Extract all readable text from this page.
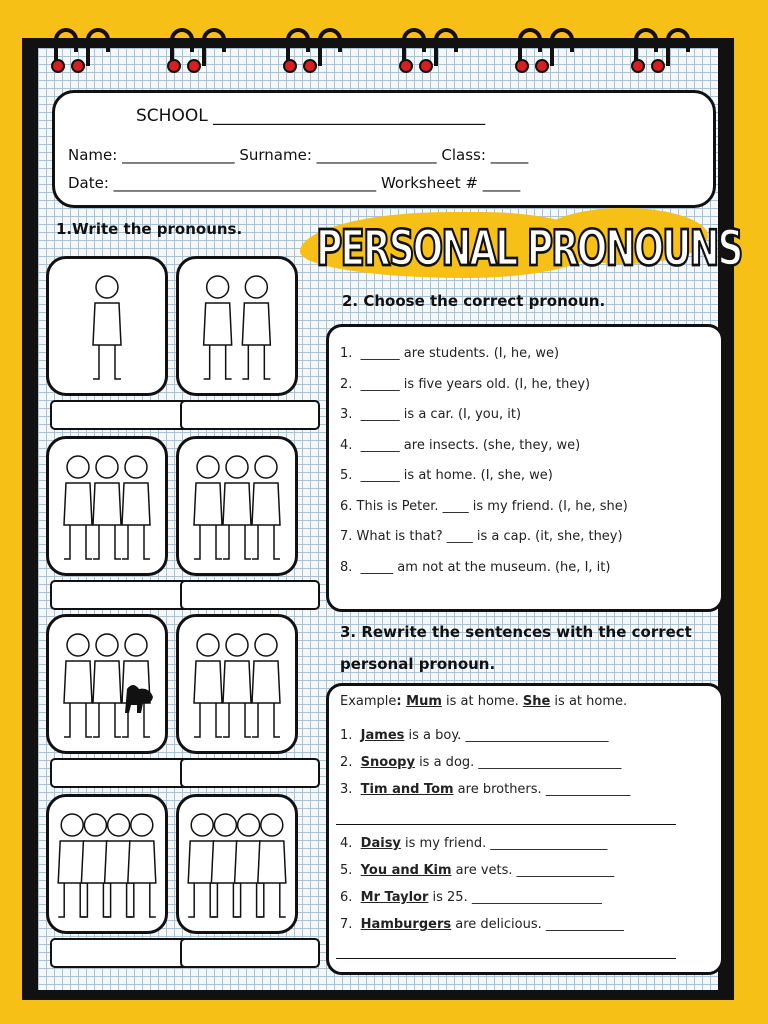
SCHOOL ________________________________
Name: _______________ Surname: ________________ Class: _____
Date: ___________________________________ Worksheet # _____
PERSONAL PRONOUNS
1.Write the pronouns.
2. Choose the correct pronoun.
1.  ______ are students. (I, he, we)
2.  ______ is five years old. (I, he, they)
3.  ______ is a car. (I, you, it)
4.  ______ are insects. (she, they, we)
5.  ______ is at home. (I, she, we)
6. This is Peter. ____ is my friend. (I, he, she)
7. What is that? ____ is a cap. (it, she, they)
8.  _____ am not at the museum. (he, I, it)
3. Rewrite the sentences with the correct personal pronoun.
Example: Mum is at home. She is at home.
1.  James is a boy. ______________________
2.  Snoopy is a dog. ______________________
3.  Tim and Tom are brothers. _____________
4.  Daisy is my friend. __________________
5.  You and Kim are vets. _______________
6.  Mr Taylor is 25. ____________________
7.  Hamburgers are delicious. ____________
